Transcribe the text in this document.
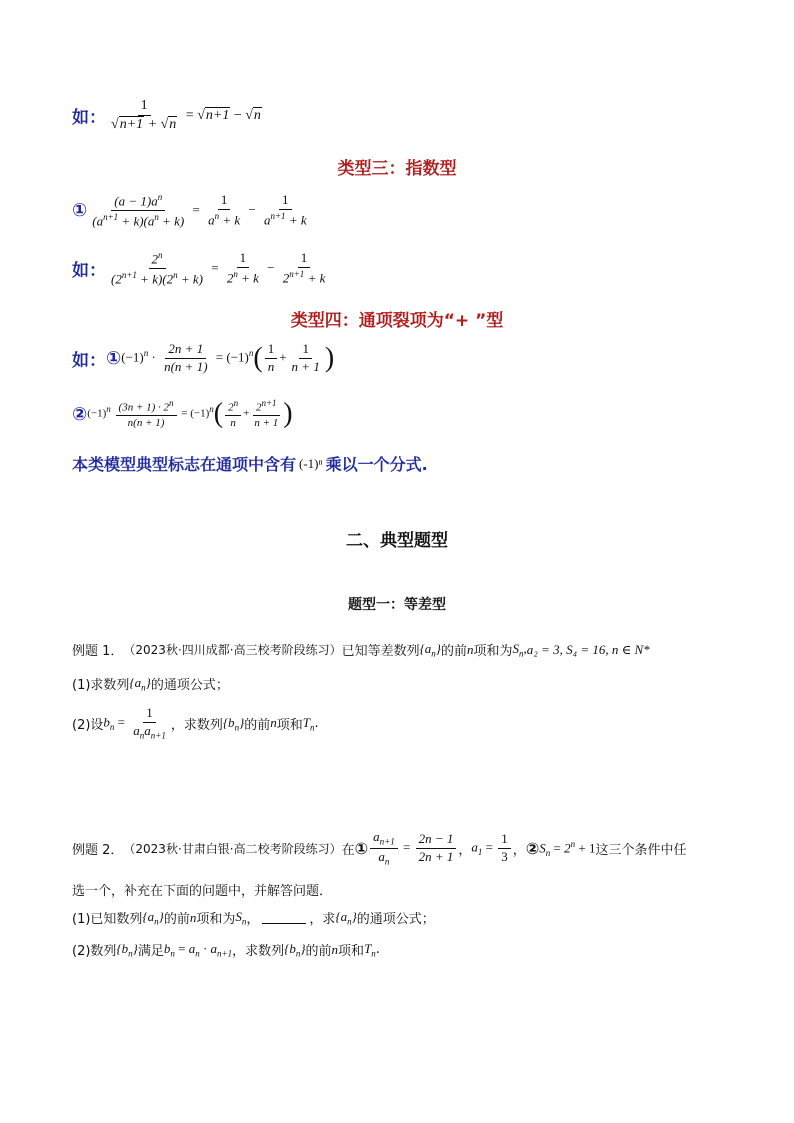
如： $\frac{1}{√n+1 + √n} = √n+1 - √n$
类型三：指数型
① $\frac{(a - 1)a^n}{(a^{n+1} + k)(a^n + k)} = \frac{1}{a^n + k} - \frac{1}{a^{n+1} + k}$
如： $\frac{2^n}{(2^{n+1} + k)(2^n + k)} = \frac{1}{2^n + k} - \frac{1}{2^{n+1} + k}$
类型四：通项裂项为“+ ”型
如： ① $(-1)^n \cdot \frac{2n + 1}{n(n + 1)} = (-1)^n( \frac{1}{n} + \frac{1}{n + 1}$ )
② $(-1)^n \frac{(3n + 1) \cdot 2^n}{n(n + 1)} = (-1)^n( \frac{2^n}{n} + \frac{2^{n+1}}{n + 1}$ )
本类模型典型标志在通项中含有 (-1)ⁿ 乘以一个分式.
二、典型题型
题型一：等差型
例题 1． （2023秋·四川成都·高三校考阶段练习） 已知等差数列 $\{a_n\}$ 的前 n 项和为 $S_n$, a₂ = 3, S₄ = 16, n ∈ N*
(1)求数列 $\{a_n\}$ 的通项公式；
(2)设 $b_n = \frac{1}{a_na_{n+1}}$ ，求数列 $\{b_n\}$ 的前 n 项和 $T_n$ .
例题 2． （2023秋·甘肃白银·高二校考阶段练习） 在 ① $\frac{a_{n+1}}{a_n} = \frac{2n - 1}{2n + 1}$ ， $a_1 = \frac{1}{3}$ ， ② $S_n = 2^n + 1$ 这三个条件中任
选一个，补充在下面的问题中，并解答问题．
(1)已知数列 $\{a_n\}$ 的前 n 项和为 $S_n$ ，	，求 $\{a_n\}$ 的通项公式；
(2)数列 $\{b_n\}$ 满足 $b_n = a_n \cdot a_{n+1}$ ，求数列 $\{b_n\}$ 的前 n 项和 $T_n$ .
